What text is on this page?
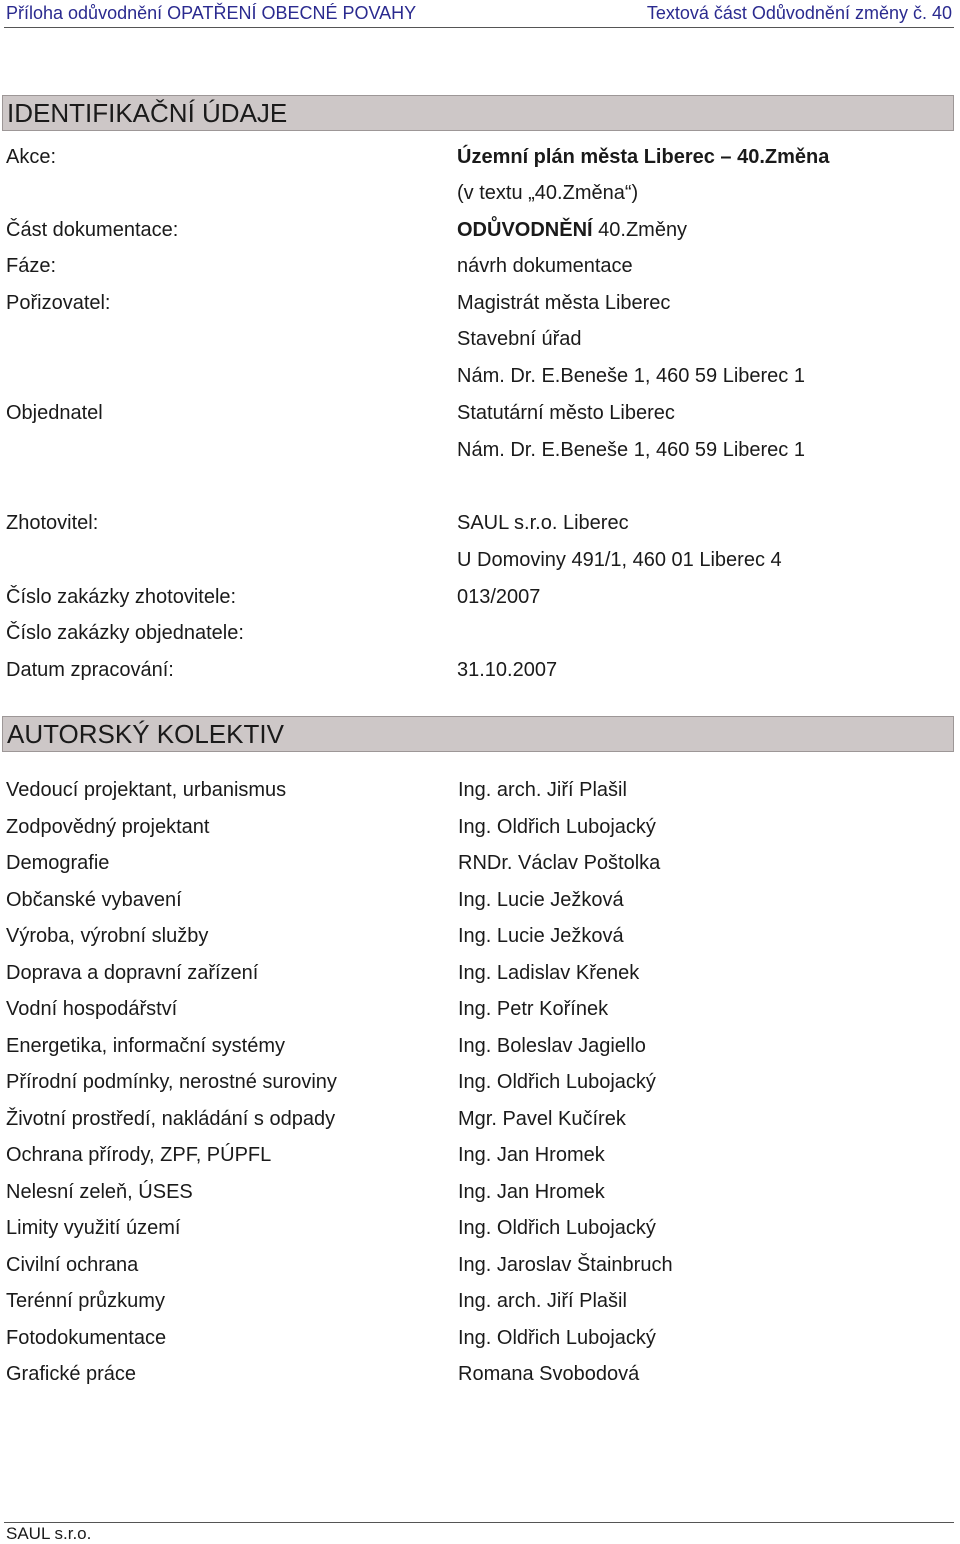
Příloha odůvodnění OPATŘENÍ OBECNÉ POVAHY	Textová část Odůvodnění změny č. 40
IDENTIFIKAČNÍ ÚDAJE
Akce:	Územní plán města Liberec – 40.Změna
(v textu „40.Změna“)
Část dokumentace:	ODŮVODNĚNÍ 40.Změny
Fáze:	návrh dokumentace
Pořizovatel:	Magistrát města Liberec
Stavební úřad
Nám. Dr. E.Beneše 1, 460 59 Liberec 1
Objednatel	Statutární město Liberec
Nám. Dr. E.Beneše 1, 460 59 Liberec 1
Zhotovitel:	SAUL s.r.o. Liberec
U Domoviny 491/1, 460 01 Liberec 4
Číslo zakázky zhotovitele:	013/2007
Číslo zakázky objednatele:
Datum zpracování:	31.10.2007
AUTORSKÝ KOLEKTIV
Vedoucí projektant, urbanismus	Ing. arch. Jiří Plašil
Zodpovědný projektant	Ing. Oldřich Lubojacký
Demografie	RNDr. Václav Poštolka
Občanské vybavení	Ing. Lucie Ježková
Výroba, výrobní služby	Ing. Lucie Ježková
Doprava a dopravní zařízení	Ing. Ladislav Křenek
Vodní hospodářství	Ing. Petr Kořínek
Energetika, informační systémy	Ing. Boleslav Jagiello
Přírodní podmínky, nerostné suroviny	Ing. Oldřich Lubojacký
Životní prostředí, nakládání s odpady	Mgr. Pavel Kučírek
Ochrana přírody, ZPF, PÚPFL	Ing. Jan Hromek
Nelesní zeleň, ÚSES	Ing. Jan Hromek
Limity využití území	Ing. Oldřich Lubojacký
Civilní ochrana	Ing. Jaroslav Štainbruch
Terénní průzkumy	Ing. arch. Jiří Plašil
Fotodokumentace	Ing. Oldřich Lubojacký
Grafické práce	Romana Svobodová
SAUL s.r.o.
